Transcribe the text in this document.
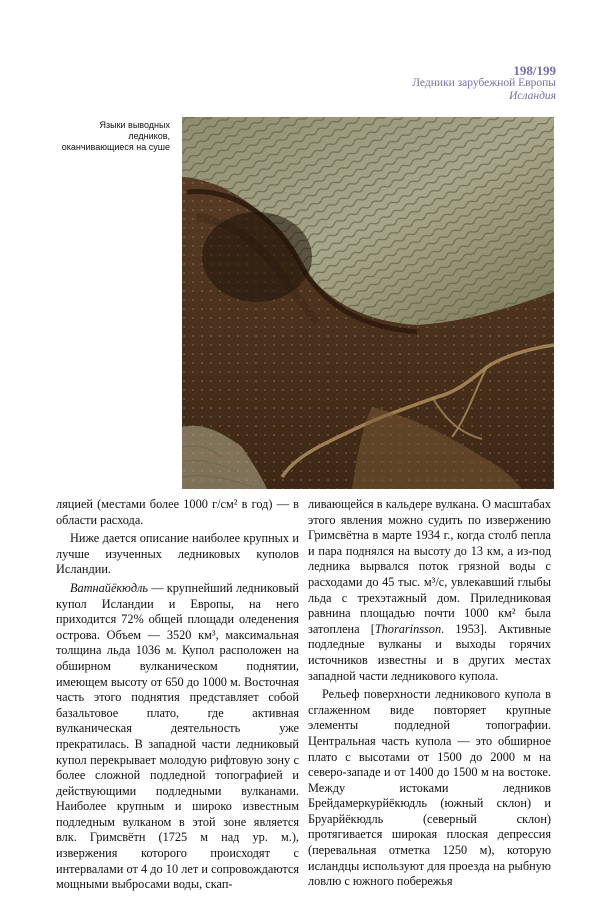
198/199
Ледники зарубежной Европы
Исландия
Языки выводных ледников, оканчивающиеся на суше

ляцией (местами более 1000 г/см² в год) — в области расхода.

Ниже дается описание наиболее крупных и лучше изученных ледниковых куполов Исландии.

Ватнайёкюдль — крупнейший ледниковый купол Исландии и Европы, на него приходится 72% общей площади оледенения острова. Объем — 3520 км³, максимальная толщина льда 1036 м. Купол расположен на обширном вулканическом поднятии, имеющем высоту от 650 до 1000 м. Восточная часть этого поднятия представляет собой базальтовое плато, где активная вулканическая деятельность уже прекратилась. В западной части ледниковый купол перекрывает молодую рифтовую зону с более сложной подледной топографией и действующими подледными вулканами. Наиболее крупным и широко известным подледным вулканом в этой зоне является влк. Гримсвётн (1725 м над ур. м.), извержения которого происходят с интервалами от 4 до 10 лет и сопровождаются мощными выбросами воды, скап-

ливающейся в кальдере вулкана. О масштабах этого явления можно судить по извержению Гримсвётна в марте 1934 г., когда столб пепла и пара поднялся на высоту до 13 км, а из-под ледника вырвался поток грязной воды с расходами до 45 тыс. м³/с, увлекавший глыбы льда с трехэтажный дом. Приледниковая равнина площадью почти 1000 км² была затоплена [Thorarinsson. 1953]. Активные подледные вулканы и выходы горячих источников известны и в других местах западной части ледникового купола.

Рельеф поверхности ледникового купола в сглаженном виде повторяет крупные элементы подледной топографии. Центральная часть купола — это обширное плато с высотами от 1500 до 2000 м на северо-западе и от 1400 до 1500 м на востоке. Между истоками ледников Брейдамеркурйёкюдль (южный склон) и Бруарйёкюдль (северный склон) протягивается широкая плоская депрессия (перевальная отметка 1250 м), которую исландцы используют для проезда на рыбную ловлю с южного побережья
